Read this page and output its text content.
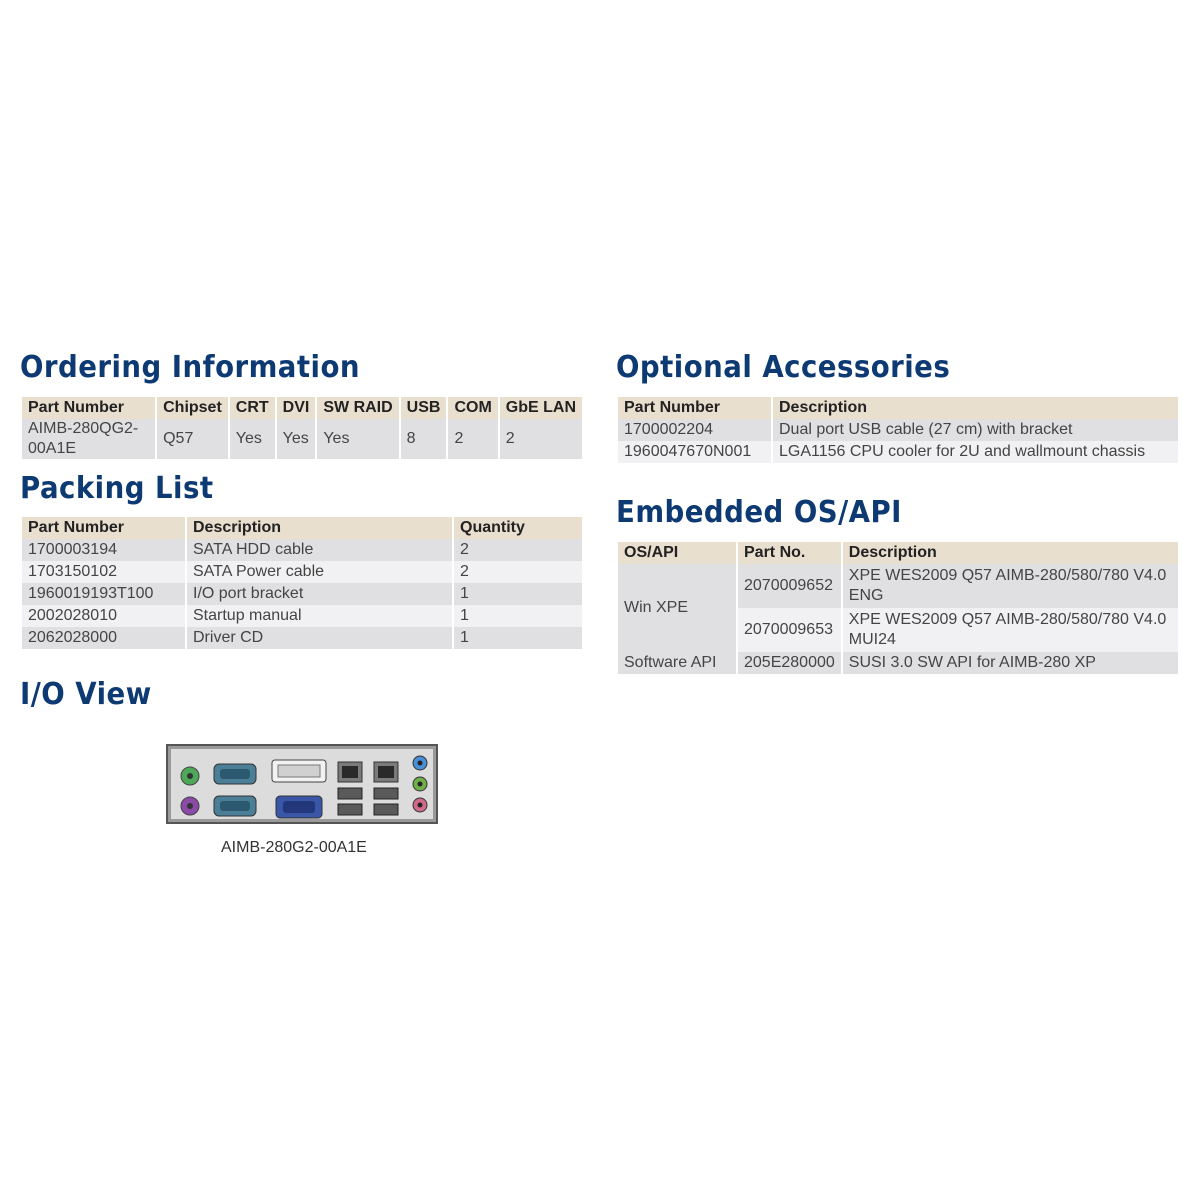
Ordering Information
Part Number	Chipset	CRT	DVI	SW RAID	USB	COM	GbE LAN
AIMB-280QG2-00A1E	Q57	Yes	Yes	Yes	8	2	2
Packing List
Part Number	Description	Quantity
1700003194	SATA HDD cable	2
1703150102	SATA Power cable	2
1960019193T100	I/O port bracket	1
2002028010	Startup manual	1
2062028000	Driver CD	1
I/O View
AIMB-280G2-00A1E
Optional Accessories
Part Number	Description
1700002204	Dual port USB cable (27 cm) with bracket
1960047670N001	LGA1156 CPU cooler for 2U and wallmount chassis
Embedded OS/API
OS/API	Part No.	Description
Win XPE	2070009652	XPE WES2009 Q57 AIMB-280/580/780 V4.0 ENG
	2070009653	XPE WES2009 Q57 AIMB-280/580/780 V4.0 MUI24
Software API	205E280000	SUSI 3.0 SW API for AIMB-280 XP
